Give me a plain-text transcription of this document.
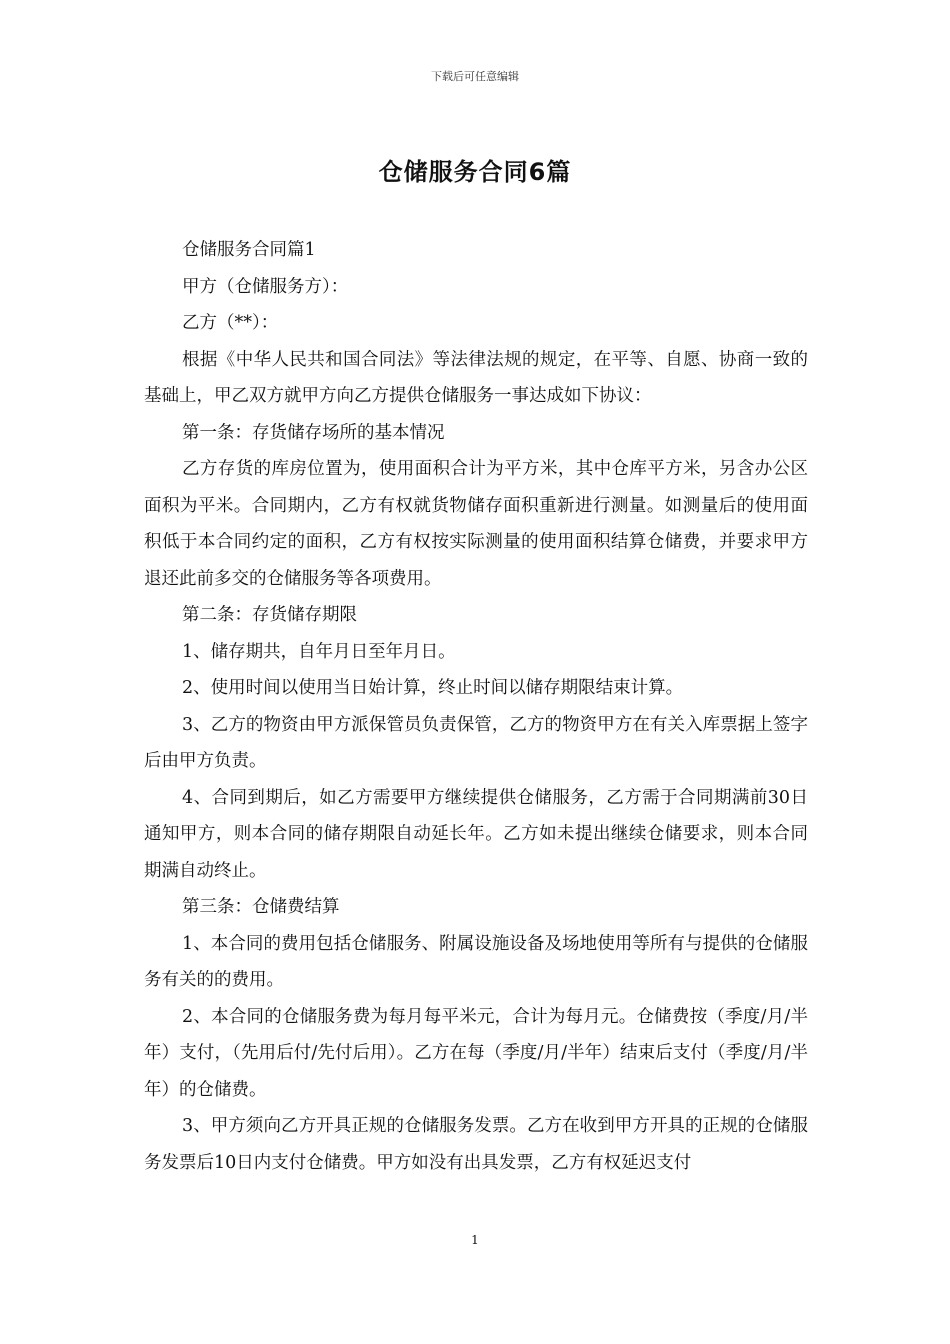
下载后可任意编辑
仓储服务合同6篇

仓储服务合同篇1

甲方（仓储服务方）：

乙方（**）：

根据《中华人民共和国合同法》等法律法规的规定，在平等、自愿、协商一致的基础上，甲乙双方就甲方向乙方提供仓储服务一事达成如下协议：

第一条：存货储存场所的基本情况

乙方存货的库房位置为，使用面积合计为平方米，其中仓库平方米，另含办公区面积为平米。合同期内，乙方有权就货物储存面积重新进行测量。如测量后的使用面积低于本合同约定的面积，乙方有权按实际测量的使用面积结算仓储费，并要求甲方退还此前多交的仓储服务等各项费用。

第二条：存货储存期限

1、储存期共，自年月日至年月日。

2、使用时间以使用当日始计算，终止时间以储存期限结束计算。

3、乙方的物资由甲方派保管员负责保管，乙方的物资甲方在有关入库票据上签字后由甲方负责。

4、合同到期后，如乙方需要甲方继续提供仓储服务，乙方需于合同期满前30日通知甲方，则本合同的储存期限自动延长年。乙方如未提出继续仓储要求，则本合同期满自动终止。

第三条：仓储费结算

1、本合同的费用包括仓储服务、附属设施设备及场地使用等所有与提供的仓储服务有关的的费用。

2、本合同的仓储服务费为每月每平米元，合计为每月元。仓储费按（季度/月/半年）支付，（先用后付/先付后用）。乙方在每（季度/月/半年）结束后支付（季度/月/半年）的仓储费。

3、甲方须向乙方开具正规的仓储服务发票。乙方在收到甲方开具的正规的仓储服务发票后10日内支付仓储费。甲方如没有出具发票，乙方有权延迟支付

1
